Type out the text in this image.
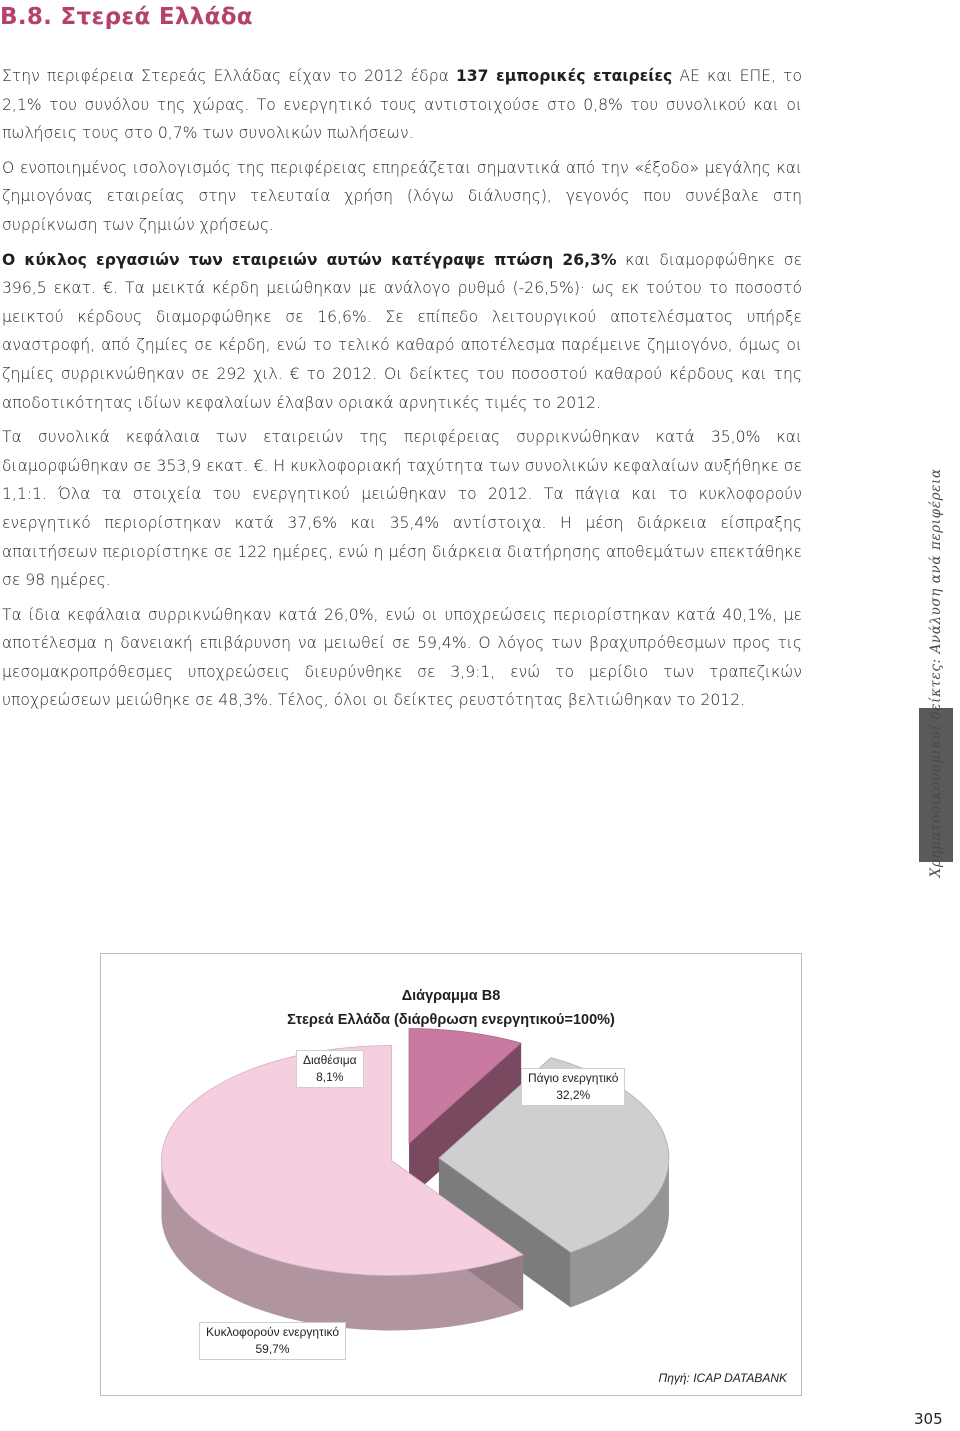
Β.8. Στερεά Ελλάδα

Στην περιφέρεια Στερεάς Ελλάδας είχαν το 2012 έδρα 137 εμπορικές εταιρείες ΑΕ και ΕΠΕ, το 2,1% του συνόλου της χώρας. Το ενεργητικό τους αντιστοιχούσε στο 0,8% του συνολικού και οι πωλήσεις τους στο 0,7% των συνολικών πωλήσεων.

Ο ενοποιημένος ισολογισμός της περιφέρειας επηρεάζεται σημαντικά από την «έξοδο» μεγάλης και ζημιογόνας εταιρείας στην τελευταία χρήση (λόγω διάλυσης), γεγονός που συνέβαλε στη συρρίκνωση των ζημιών χρήσεως.

Ο κύκλος εργασιών των εταιρειών αυτών κατέγραψε πτώση 26,3% και διαμορφώθηκε σε 396,5 εκατ. €. Τα μεικτά κέρδη μειώθηκαν με ανάλογο ρυθμό (-26,5%)· ως εκ τούτου το ποσοστό μεικτού κέρδους διαμορφώθηκε σε 16,6%. Σε επίπεδο λειτουργικού αποτελέσματος υπήρξε αναστροφή, από ζημίες σε κέρδη, ενώ το τελικό καθαρό αποτέλεσμα παρέμεινε ζημιογόνο, όμως οι ζημίες συρρικνώθηκαν σε 292 χιλ. € το 2012. Οι δείκτες του ποσοστού καθαρού κέρδους και της αποδοτικότητας ιδίων κεφαλαίων έλαβαν οριακά αρνητικές τιμές το 2012.

Τα συνολικά κεφάλαια των εταιρειών της περιφέρειας συρρικνώθηκαν κατά 35,0% και διαμορφώθηκαν σε 353,9 εκατ. €. Η κυκλοφοριακή ταχύτητα των συνολικών κεφαλαίων αυξήθηκε σε 1,1:1. Όλα τα στοιχεία του ενεργητικού μειώθηκαν το 2012. Τα πάγια και το κυκλοφορούν ενεργητικό περιορίστηκαν κατά 37,6% και 35,4% αντίστοιχα. Η μέση διάρκεια είσπραξης απαιτήσεων περιορίστηκε σε 122 ημέρες, ενώ η μέση διάρκεια διατήρησης αποθεμάτων επεκτάθηκε σε 98 ημέρες.

Τα ίδια κεφάλαια συρρικνώθηκαν κατά 26,0%, ενώ οι υποχρεώσεις περιορίστηκαν κατά 40,1%, με αποτέλεσμα η δανειακή επιβάρυνση να μειωθεί σε 59,4%. Ο λόγος των βραχυπρόθεσμων προς τις μεσομακροπρόθεσμες υποχρεώσεις διευρύνθηκε σε 3,9:1, ενώ το μερίδιο των τραπεζικών υποχρεώσεων μειώθηκε σε 48,3%. Τέλος, όλοι οι δείκτες ρευστότητας βελτιώθηκαν το 2012.	Χρηματοοικονομικοί δείκτες: Ανάλυση ανά περιφέρεια    Ειδικό Παράρτημα Β
Διάγραμμα Β8
Στερεά Ελλάδα (διάρθρωση ενεργητικού=100%)
Διαθέσιμα
8,1%	Πάγιο ενεργητικό
32,2%
Κυκλοφορούν ενεργητικό
59,7%
Πηγή: ICAP DATABANK
305
